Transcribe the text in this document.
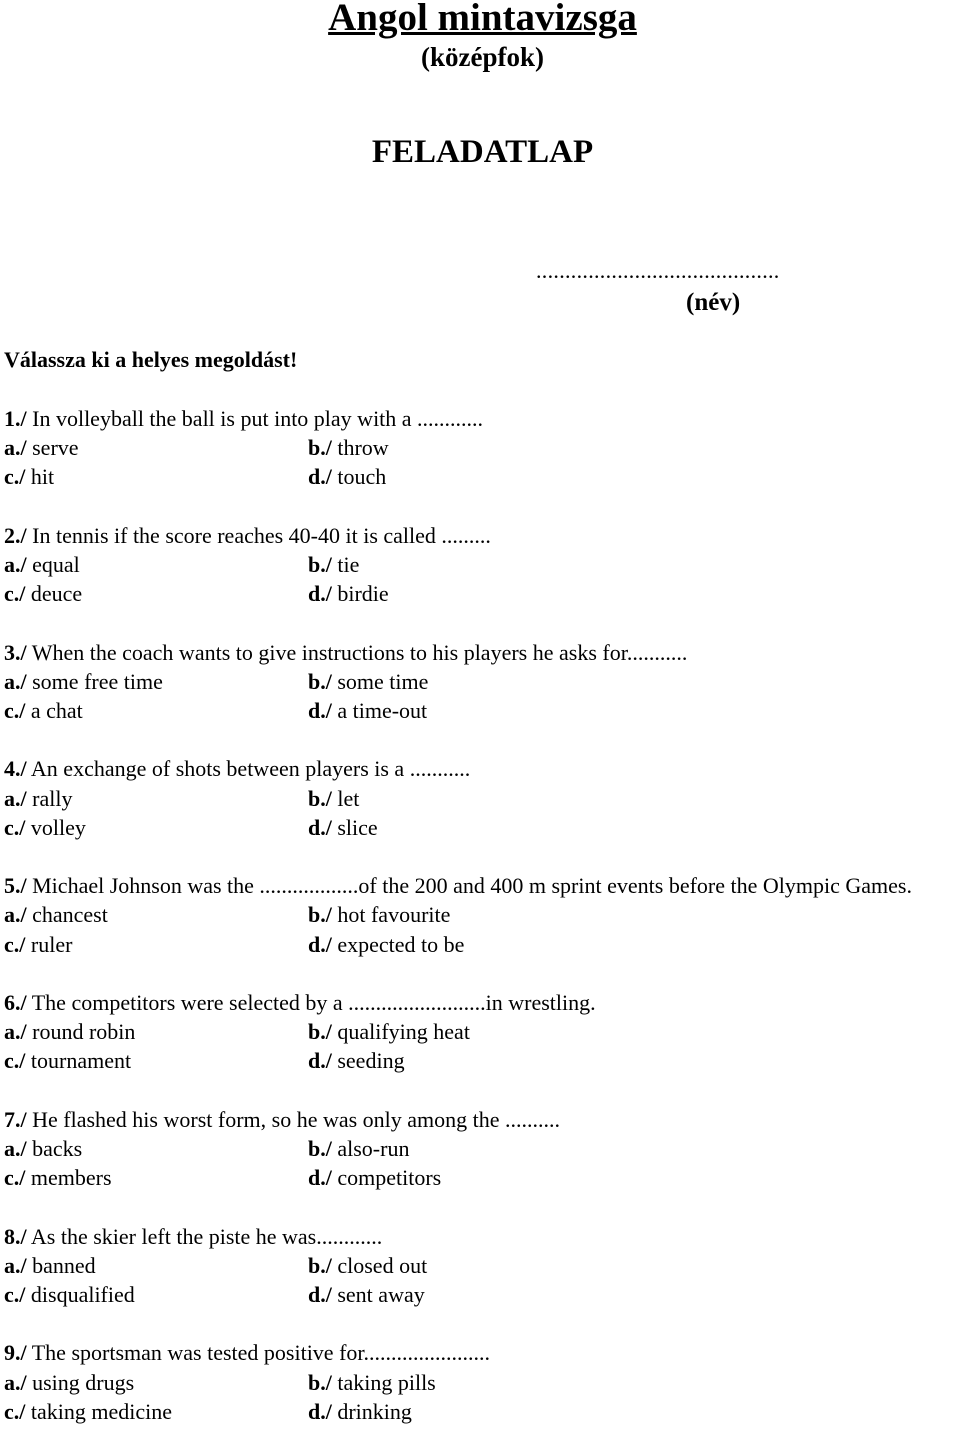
Angol mintavizsga
(középfok)
FELADATLAP
..........................................
(név)
Válassza ki a helyes megoldást!
1./ In volleyball the ball is put into play with a ............
a./ serve	b./ throw
c./ hit	d./ touch
2./ In tennis if the score reaches 40-40 it is called .........
a./ equal	b./ tie
c./ deuce	d./ birdie
3./ When the coach wants to give instructions to his players he asks for...........
a./ some free time	b./ some time
c./ a chat	d./ a time-out
4./ An exchange of shots between players is a ...........
a./ rally	b./ let
c./ volley	d./ slice
5./ Michael Johnson was the ..................of the 200 and 400 m sprint events before the Olympic Games.
a./ chancest	b./ hot favourite
c./ ruler	d./ expected to be
6./ The competitors were selected by a .........................in wrestling.
a./ round robin	b./ qualifying heat
c./ tournament	d./ seeding
7./ He flashed his worst form, so he was only among the ..........
a./ backs	b./ also-run
c./ members	d./ competitors
8./ As the skier left the piste he was............
a./ banned	b./ closed out
c./ disqualified	d./ sent away
9./ The sportsman was tested positive for.......................
a./ using drugs	b./ taking pills
c./ taking medicine	d./ drinking
